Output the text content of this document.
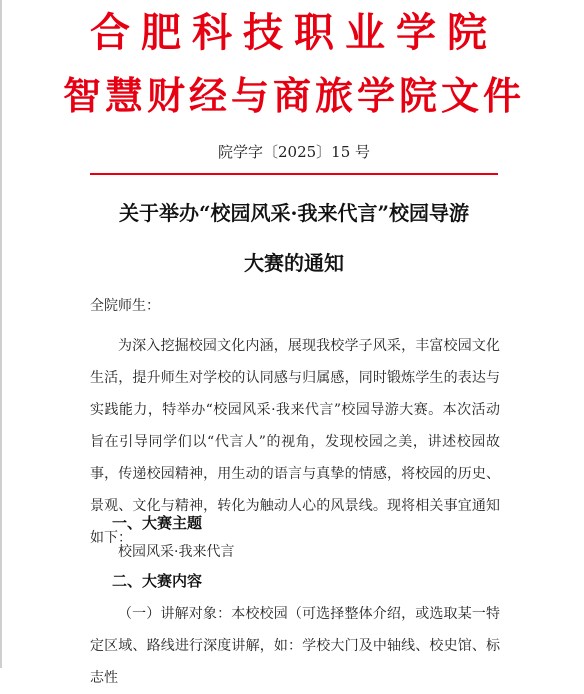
合肥科技职业学院
智慧财经与商旅学院文件
院学字〔2025〕15 号
关于举办“校园风采·我来代言”校园导游
大赛的通知
全院师生：
为深入挖掘校园文化内涵，展现我校学子风采，丰富校园文化生活，提升师生对学校的认同感与归属感，同时锻炼学生的表达与实践能力，特举办“校园风采·我来代言”校园导游大赛。本次活动旨在引导同学们以“代言人”的视角，发现校园之美，讲述校园故事，传递校园精神，用生动的语言与真挚的情感，将校园的历史、景观、文化与精神，转化为触动人心的风景线。现将相关事宜通知如下：
一、大赛主题
校园风采·我来代言
二、大赛内容
（一）讲解对象：本校校园（可选择整体介绍，或选取某一特定区域、路线进行深度讲解，如：学校大门及中轴线、校史馆、标志性
